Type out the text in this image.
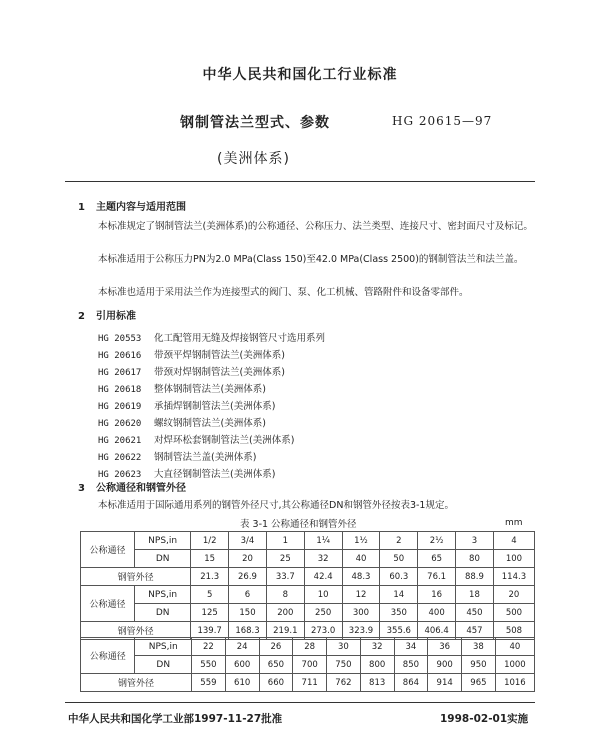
中华人民共和国化工行业标准
钢制管法兰型式、参数	HG 20615—97
(美洲体系)
1 主题内容与适用范围
本标准规定了钢制管法兰(美洲体系)的公称通径、公称压力、法兰类型、连接尺寸、密封面尺寸及标记。
本标准适用于公称压力PN为2.0 MPa(Class 150)至42.0 MPa(Class 2500)的钢制管法兰和法兰盖。
本标准也适用于采用法兰作为连接型式的阀门、泵、化工机械、管路附件和设备零部件。
2 引用标准
HG 20553 化工配管用无缝及焊接钢管尺寸选用系列
HG 20616 带颈平焊钢制管法兰(美洲体系)
HG 20617 带颈对焊钢制管法兰(美洲体系)
HG 20618 整体钢制管法兰(美洲体系)
HG 20619 承插焊钢制管法兰(美洲体系)
HG 20620 螺纹钢制管法兰(美洲体系)
HG 20621 对焊环松套钢制管法兰(美洲体系)
HG 20622 钢制管法兰盖(美洲体系)
HG 20623 大直径钢制管法兰(美洲体系)
3 公称通径和钢管外径
本标准适用于国际通用系列的钢管外径尺寸,其公称通径DN和钢管外径按表3-1规定。
表 3-1 公称通径和钢管外径	mm
公称通径	NPS,in	1/2	3/4	1	1¼	1½	2	2½	3	4
	DN	15	20	25	32	40	50	65	80	100
钢管外径		21.3	26.9	33.7	42.4	48.3	60.3	76.1	88.9	114.3
公称通径	NPS,in	5	6	8	10	12	14	16	18	20
	DN	125	150	200	250	300	350	400	450	500
钢管外径		139.7	168.3	219.1	273.0	323.9	355.6	406.4	457	508
公称通径	NPS,in	22	24	26	28	30	32	34	36	38	40
	DN	550	600	650	700	750	800	850	900	950	1000
钢管外径		559	610	660	711	762	813	864	914	965	1016
中华人民共和国化学工业部1997-11-27批准	1998-02-01实施
